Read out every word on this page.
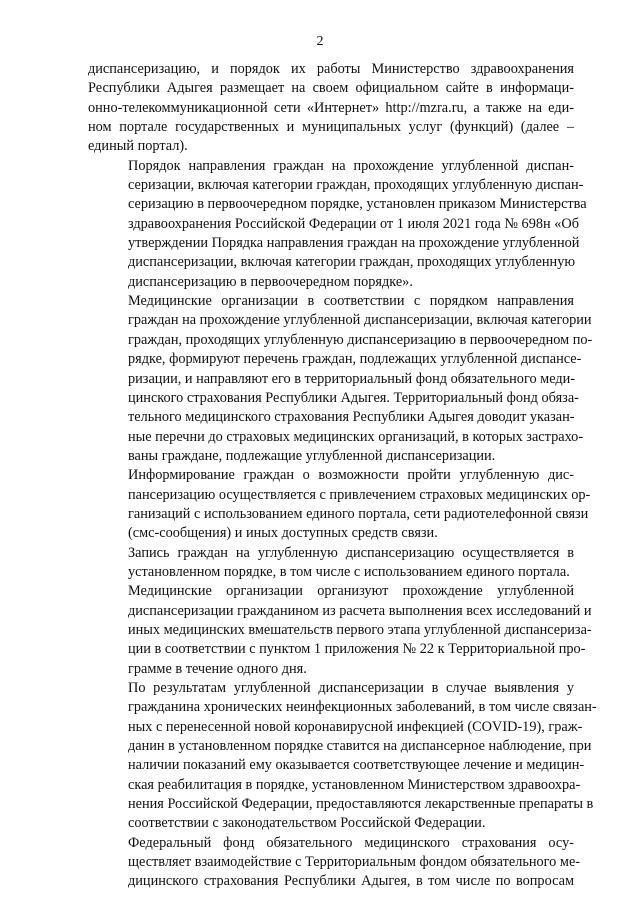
2

диспансеризацию, и порядок их работы Министерство здравоохранения
Республики Адыгея размещает на своем официальном сайте в информаци-
онно-телекоммуникационной сети «Интернет» http://mzra.ru, а также на еди-
ном портале государственных и муниципальных услуг (функций) (далее –
единый портал).

Порядок направления граждан на прохождение углубленной диспан-
серизации, включая категории граждан, проходящих углубленную диспан-
серизацию в первоочередном порядке, установлен приказом Министерства
здравоохранения Российской Федерации от 1 июля 2021 года № 698н «Об
утверждении Порядка направления граждан на прохождение углубленной
диспансеризации, включая категории граждан, проходящих углубленную
диспансеризацию в первоочередном порядке».

Медицинские организации в соответствии с порядком направления
граждан на прохождение углубленной диспансеризации, включая категории
граждан, проходящих углубленную диспансеризацию в первоочередном по-
рядке, формируют перечень граждан, подлежащих углубленной диспансе-
ризации, и направляют его в территориальный фонд обязательного меди-
цинского страхования Республики Адыгея. Территориальный фонд обяза-
тельного медицинского страхования Республики Адыгея доводит указан-
ные перечни до страховых медицинских организаций, в которых застрахо-
ваны граждане, подлежащие углубленной диспансеризации.

Информирование граждан о возможности пройти углубленную дис-
пансеризацию осуществляется с привлечением страховых медицинских ор-
ганизаций с использованием единого портала, сети радиотелефонной связи
(смс-сообщения) и иных доступных средств связи.

Запись граждан на углубленную диспансеризацию осуществляется в
установленном порядке, в том числе с использованием единого портала.

Медицинские организации организуют прохождение углубленной
диспансеризации гражданином из расчета выполнения всех исследований и
иных медицинских вмешательств первого этапа углубленной диспансериза-
ции в соответствии с пунктом 1 приложения № 22 к Территориальной про-
грамме в течение одного дня.

По результатам углубленной диспансеризации в случае выявления у
гражданина хронических неинфекционных заболеваний, в том числе связан-
ных с перенесенной новой коронавирусной инфекцией (COVID-19), граж-
данин в установленном порядке ставится на диспансерное наблюдение, при
наличии показаний ему оказывается соответствующее лечение и медицин-
ская реабилитация в порядке, установленном Министерством здравоохра-
нения Российской Федерации, предоставляются лекарственные препараты в
соответствии с законодательством Российской Федерации.

Федеральный фонд обязательного медицинского страхования осу-
ществляет взаимодействие с Территориальным фондом обязательного ме-
дицинского страхования Республики Адыгея, в том числе по вопросам
